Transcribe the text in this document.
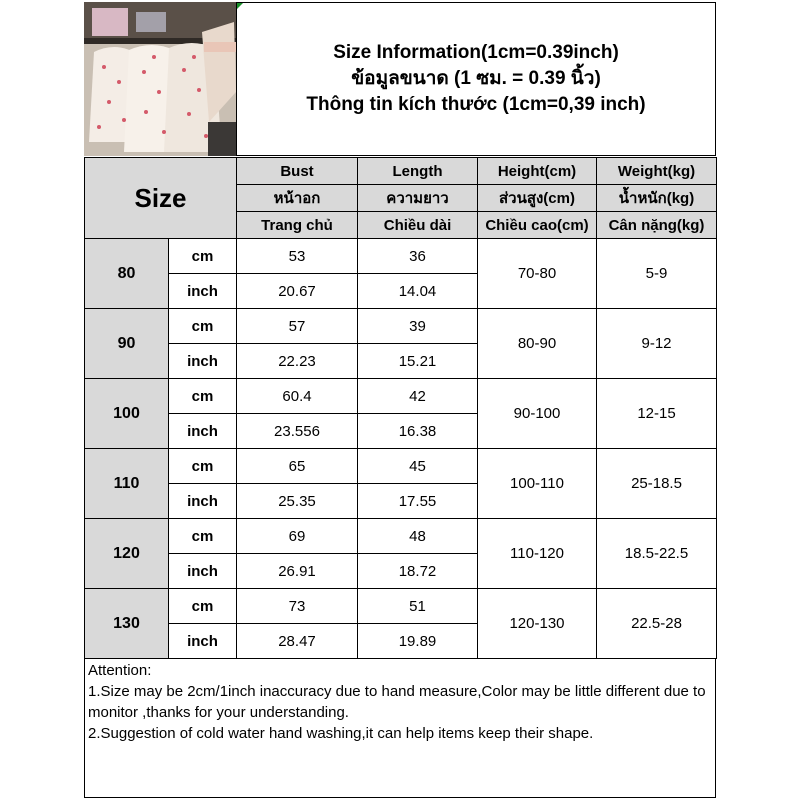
Size Information(1cm=0.39inch)
ข้อมูลขนาด (1 ซม. = 0.39 นิ้ว)
Thông tin kích thước (1cm=0,39 inch)
Size		Bust	Length	Height(cm)	Weight(kg)
		หน้าอก	ความยาว	ส่วนสูง(cm)	น้ำหนัก(kg)
		Trang chủ	Chiều dài	Chiều cao(cm)	Cân nặng(kg)
80	cm	53	36	70-80	5-9
	inch	20.67	14.04		
90	cm	57	39	80-90	9-12
	inch	22.23	15.21		
100	cm	60.4	42	90-100	12-15
	inch	23.556	16.38		
110	cm	65	45	100-110	25-18.5
	inch	25.35	17.55		
120	cm	69	48	110-120	18.5-22.5
	inch	26.91	18.72		
130	cm	73	51	120-130	22.5-28
	inch	28.47	19.89		
Attention:
1.Size may be 2cm/1inch inaccuracy due to hand measure,Color may be little different due to monitor ,thanks for your understanding.
2.Suggestion of cold water hand washing,it can help items keep their shape.
